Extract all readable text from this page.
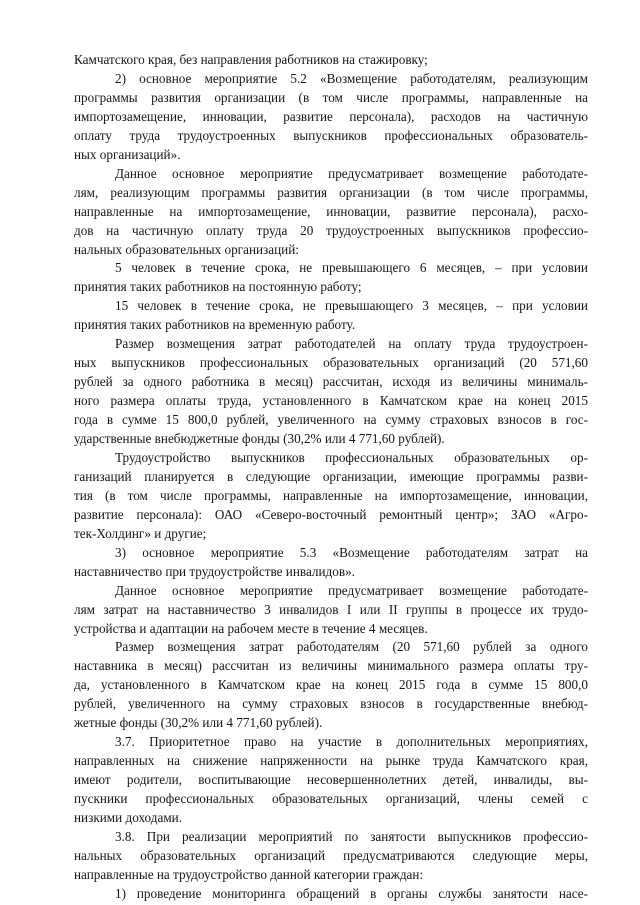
Камчатского края, без направления работников на стажировку;
2) основное мероприятие 5.2 «Возмещение работодателям, реализующим
программы развития организации (в том числе программы, направленные на
импортозамещение, инновации, развитие персонала), расходов на частичную
оплату труда трудоустроенных выпускников профессиональных образователь-
ных организаций».
Данное основное мероприятие предусматривает возмещение работодате-
лям, реализующим программы развития организации (в том числе программы,
направленные на импортозамещение, инновации, развитие персонала), расхо-
дов на частичную оплату труда 20 трудоустроенных выпускников профессио-
нальных образовательных организаций:
5 человек в течение срока, не превышающего 6 месяцев, – при условии
принятия таких работников на постоянную работу;
15 человек в течение срока, не превышающего 3 месяцев, – при условии
принятия таких работников на временную работу.
Размер возмещения затрат работодателей на оплату труда трудоустроен-
ных выпускников профессиональных образовательных организаций (20 571,60
рублей за одного работника в месяц) рассчитан, исходя из величины минималь-
ного размера оплаты труда, установленного в Камчатском крае на конец 2015
года в сумме 15 800,0 рублей, увеличенного на сумму страховых взносов в гос-
ударственные внебюджетные фонды (30,2% или 4 771,60 рублей).
Трудоустройство выпускников профессиональных образовательных ор-
ганизаций планируется в следующие организации, имеющие программы разви-
тия (в том числе программы, направленные на импортозамещение, инновации,
развитие персонала): ОАО «Северо-восточный ремонтный центр»; ЗАО «Агро-
тек-Холдинг» и другие;
3) основное мероприятие 5.3 «Возмещение работодателям затрат на
наставничество при трудоустройстве инвалидов».
Данное основное мероприятие предусматривает возмещение работодате-
лям затрат на наставничество 3 инвалидов I или II группы в процессе их трудо-
устройства и адаптации на рабочем месте в течение 4 месяцев.
Размер возмещения затрат работодателям (20 571,60 рублей за одного
наставника в месяц) рассчитан из величины минимального размера оплаты тру-
да, установленного в Камчатском крае на конец 2015 года в сумме 15 800,0
рублей, увеличенного на сумму страховых взносов в государственные внебюд-
жетные фонды (30,2% или 4 771,60 рублей).
3.7. Приоритетное право на участие в дополнительных мероприятиях,
направленных на снижение напряженности на рынке труда Камчатского края,
имеют родители, воспитывающие несовершеннолетних детей, инвалиды, вы-
пускники профессиональных образовательных организаций, члены семей с
низкими доходами.
3.8. При реализации мероприятий по занятости выпускников профессио-
нальных образовательных организаций предусматриваются следующие меры,
направленные на трудоустройство данной категории граждан:
1) проведение мониторинга обращений в органы службы занятости насе-
